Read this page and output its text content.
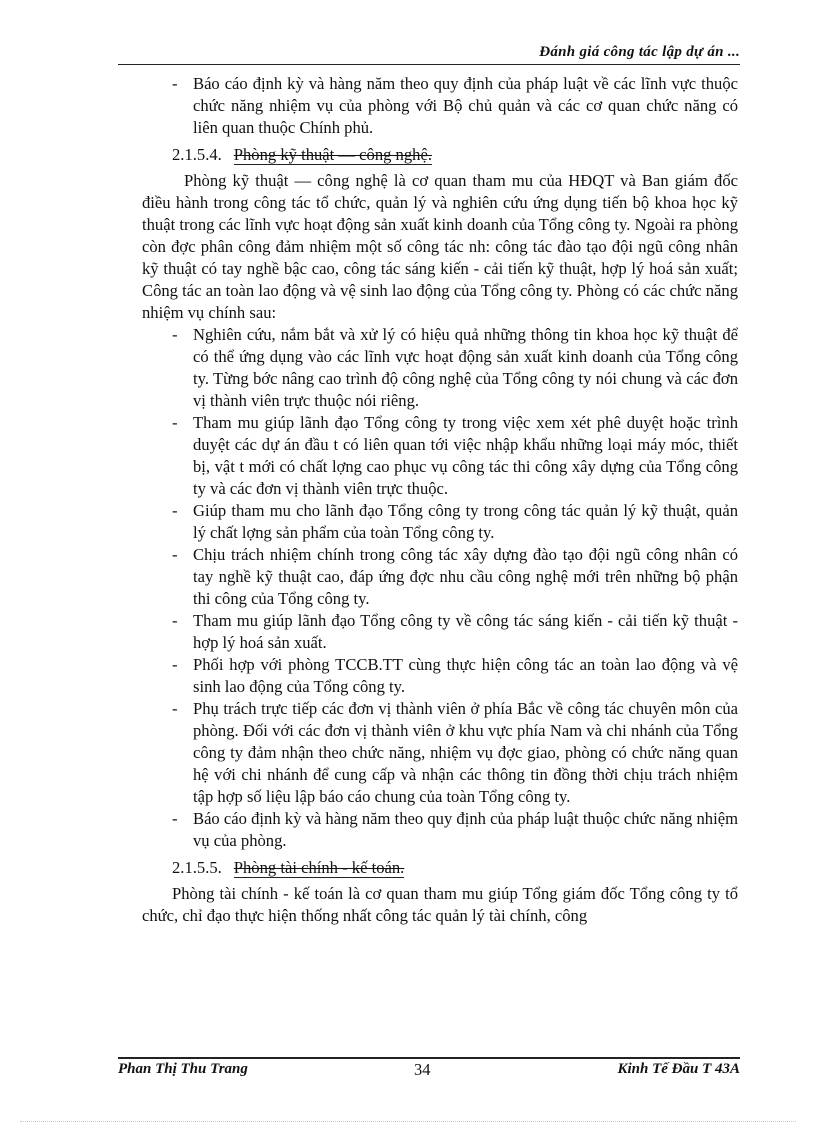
Đánh giá công tác lập dự án ...
- Báo cáo định kỳ và hàng năm theo quy định của pháp luật về các lĩnh vực thuộc chức năng nhiệm vụ của phòng với Bộ chủ quản và các cơ quan chức năng có liên quan thuộc Chính phủ.
2.1.5.4. Phòng kỹ thuật — công nghệ.
Phòng kỹ thuật — công nghệ là cơ quan tham mu của HĐQT và Ban giám đốc điều hành trong công tác tổ chức, quản lý và nghiên cứu ứng dụng tiến bộ khoa học kỹ thuật trong các lĩnh vực hoạt động sản xuất kinh doanh của Tổng công ty. Ngoài ra phòng còn đợc phân công đảm nhiệm một số công tác nh: công tác đào tạo đội ngũ công nhân kỹ thuật có tay nghề bậc cao, công tác sáng kiến - cải tiến kỹ thuật, hợp lý hoá sản xuất; Công tác an toàn lao động và vệ sinh lao động của Tổng công ty. Phòng có các chức năng nhiệm vụ chính sau:
- Nghiên cứu, nắm bắt và xử lý có hiệu quả những thông tin khoa học kỹ thuật để có thể ứng dụng vào các lĩnh vực hoạt động sản xuất kinh doanh của Tổng công ty. Từng bớc nâng cao trình độ công nghệ của Tổng công ty nói chung và các đơn vị thành viên trực thuộc nói riêng.
- Tham mu giúp lãnh đạo Tổng công ty trong việc xem xét phê duyệt hoặc trình duyệt các dự án đầu t có liên quan tới việc nhập khẩu những loại máy móc, thiết bị, vật t mới có chất lợng cao phục vụ công tác thi công xây dựng của Tổng công ty và các đơn vị thành viên trực thuộc.
- Giúp tham mu cho lãnh đạo Tổng công ty trong công tác quản lý kỹ thuật, quản lý chất lợng sản phẩm của toàn Tổng công ty.
- Chịu trách nhiệm chính trong công tác xây dựng đào tạo đội ngũ công nhân có tay nghề kỹ thuật cao, đáp ứng đợc nhu cầu công nghệ mới trên những bộ phận thi công của Tổng công ty.
- Tham mu giúp lãnh đạo Tổng công ty về công tác sáng kiến - cải tiến kỹ thuật - hợp lý hoá sản xuất.
- Phối hợp với phòng TCCB.TT cùng thực hiện công tác an toàn lao động và vệ sinh lao động của Tổng công ty.
- Phụ trách trực tiếp các đơn vị thành viên ở phía Bắc về công tác chuyên môn của phòng. Đối với các đơn vị thành viên ở khu vực phía Nam và chi nhánh của Tổng công ty đảm nhận theo chức năng, nhiệm vụ đợc giao, phòng có chức năng quan hệ với chi nhánh để cung cấp và nhận các thông tin đồng thời chịu trách nhiệm tập hợp số liệu lập báo cáo chung của toàn Tổng công ty.
- Báo cáo định kỳ và hàng năm theo quy định của pháp luật thuộc chức năng nhiệm vụ của phòng.
2.1.5.5. Phòng tài chính - kế toán.
Phòng tài chính - kế toán là cơ quan tham mu giúp Tổng giám đốc Tổng công ty tổ chức, chỉ đạo thực hiện thống nhất công tác quản lý tài chính, công
Phan Thị Thu Trang	34	Kinh Tế Đầu T 43A
